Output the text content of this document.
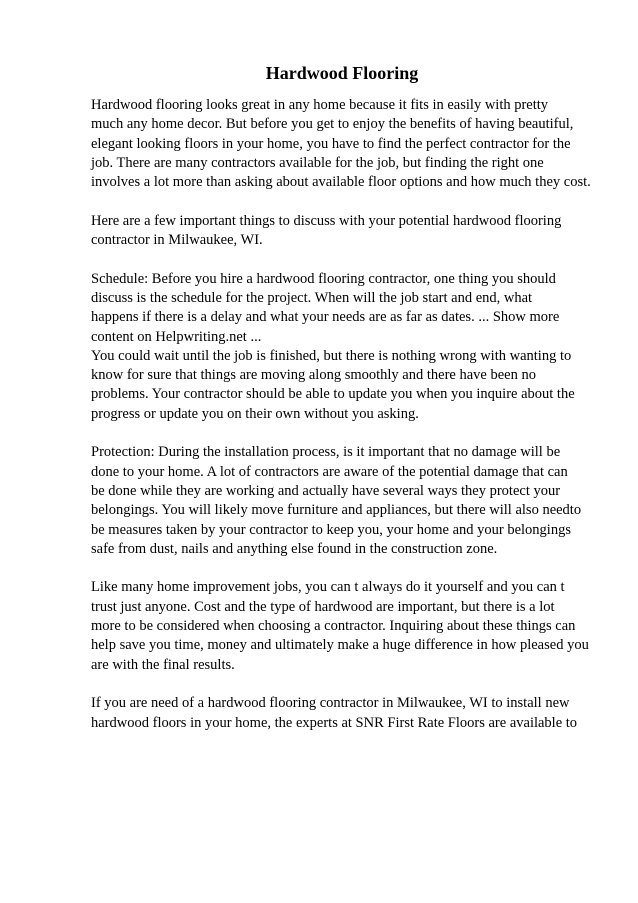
Hardwood Flooring

Hardwood flooring looks great in any home because it fits in easily with pretty
much any home decor. But before you get to enjoy the benefits of having beautiful,
elegant looking floors in your home, you have to find the perfect contractor for the
job. There are many contractors available for the job, but finding the right one
involves a lot more than asking about available floor options and how much they cost.

Here are a few important things to discuss with your potential hardwood flooring
contractor in Milwaukee, WI.

Schedule: Before you hire a hardwood flooring contractor, one thing you should
discuss is the schedule for the project. When will the job start and end, what
happens if there is a delay and what your needs are as far as dates. ... Show more
content on Helpwriting.net ...

You could wait until the job is finished, but there is nothing wrong with wanting to
know for sure that things are moving along smoothly and there have been no
problems. Your contractor should be able to update you when you inquire about the
progress or update you on their own without you asking.

Protection: During the installation process, is it important that no damage will be
done to your home. A lot of contractors are aware of the potential damage that can
be done while they are working and actually have several ways they protect your
belongings. You will likely move furniture and appliances, but there will also needto
be measures taken by your contractor to keep you, your home and your belongings
safe from dust, nails and anything else found in the construction zone.

Like many home improvement jobs, you can t always do it yourself and you can t
trust just anyone. Cost and the type of hardwood are important, but there is a lot
more to be considered when choosing a contractor. Inquiring about these things can
help save you time, money and ultimately make a huge difference in how pleased you
are with the final results.

If you are need of a hardwood flooring contractor in Milwaukee, WI to install new
hardwood floors in your home, the experts at SNR First Rate Floors are available to
